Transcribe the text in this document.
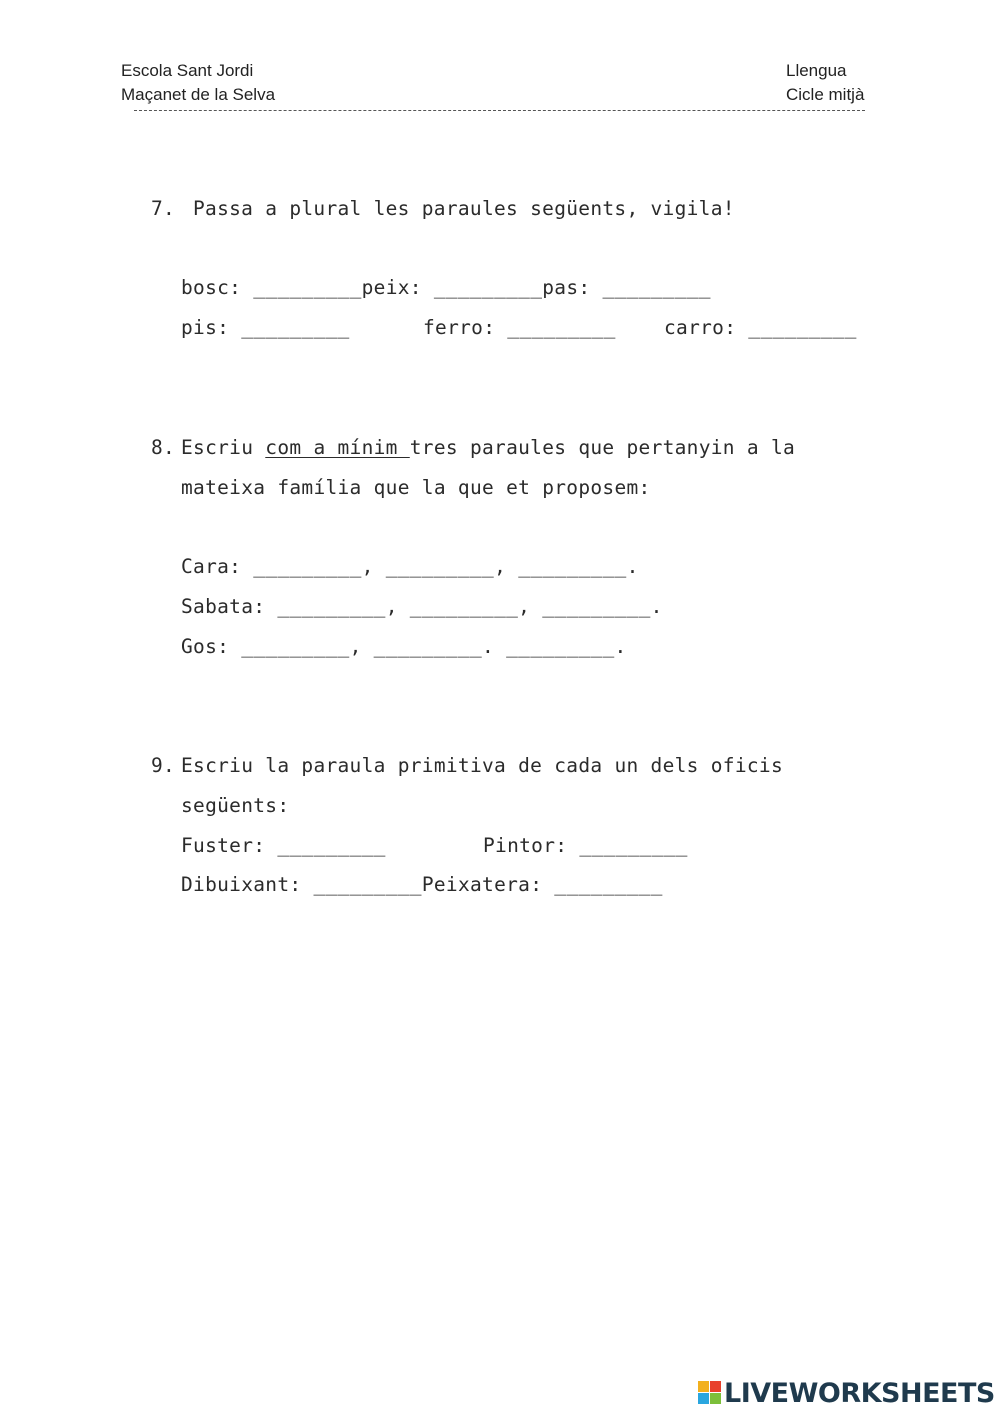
Escola Sant Jordi
Maçanet de la Selva
Llengua
Cicle mitjà
7. Passa a plural les paraules següents, vigila!
bosc: _________peix: _________pas: _________
pis: _________	ferro: _________ carro: _________
8. Escriu com a mínim tres paraules que pertanyin a la
mateixa família que la que et proposem:
Cara: _________, _________, _________.
Sabata: _________, _________, _________.
Gos: _________, _________. _________.
9. Escriu la paraula primitiva de cada un dels oficis
següents:
Fuster: _________	Pintor: _________
Dibuixant: _________Peixatera: _________
LIVEWORKSHEETS
